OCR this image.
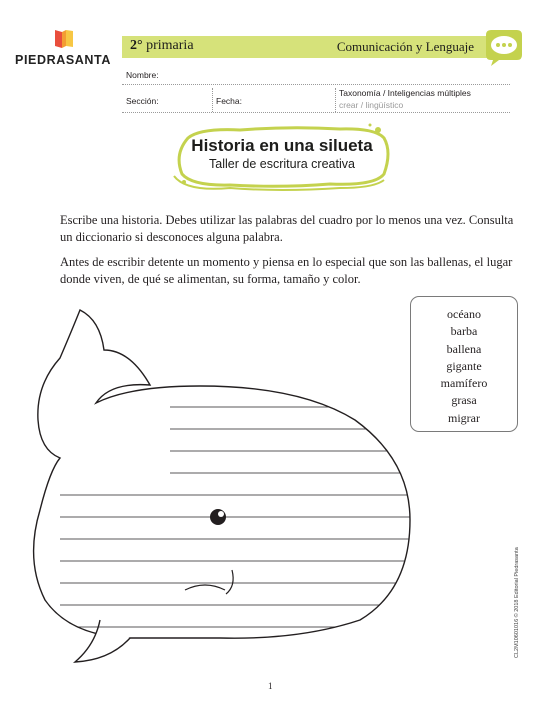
PIEDRASANTA
2° primaria	Comunicación y Lenguaje
Nombre:
Sección:	Fecha:
Taxonomía / Inteligencias múltiples
crear / lingüístico
Historia en una silueta
Taller de escritura creativa
Escribe una historia. Debes utilizar las palabras del cuadro por lo menos una vez. Consulta un diccionario si desconoces alguna palabra.
Antes de escribir detente un momento y piensa en lo especial que son las ballenas, el lugar donde viven, de qué se alimentan, su forma, tamaño y color.
océano
barba
ballena
gigante
mamífero
grasa
migrar
CL2M10601016 © 2018 Editorial Piedrasanta
1
